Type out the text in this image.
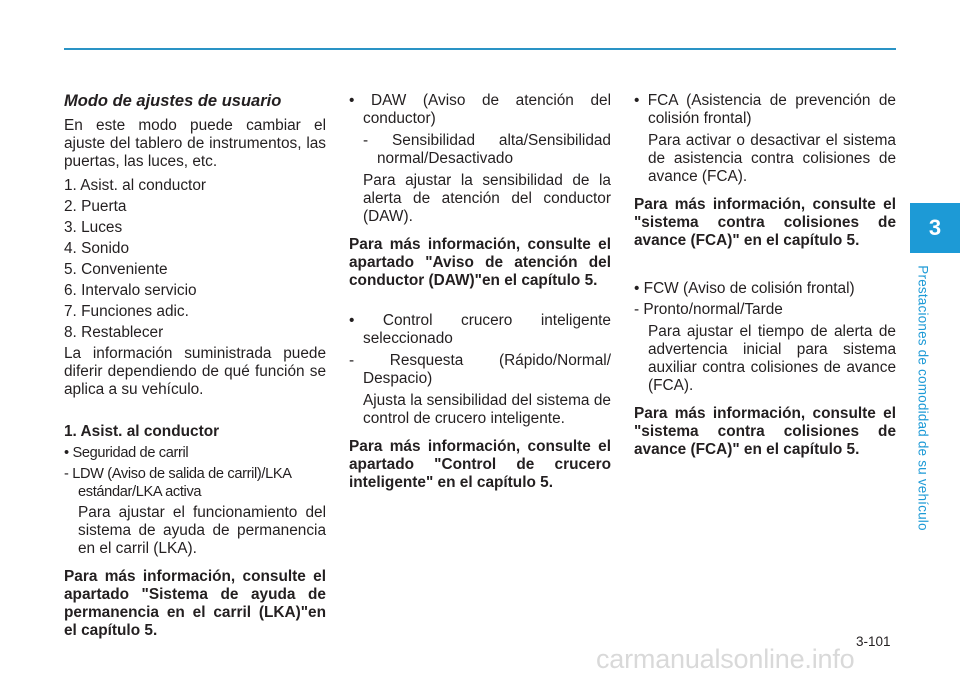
Modo de ajustes de usuario

En este modo puede cambiar el ajuste del tablero de instrumentos, las puertas, las luces, etc.

1. Asist. al conductor

2. Puerta

3. Luces

4. Sonido

5. Conveniente

6. Intervalo servicio

7. Funciones adic.

8. Restablecer

La información suministrada puede diferir dependiendo de qué función se aplica a su vehículo.

1. Asist. al conductor

• Seguridad de carril

- LDW (Aviso de salida de carril)/LKA estándar/LKA activa

Para ajustar el funcionamiento del sistema de ayuda de permanencia en el carril (LKA).

Para más información, consulte el apartado "Sistema de ayuda de permanencia en el carril (LKA)"en el capítulo 5.

• DAW (Aviso de atención del conductor)

- Sensibilidad alta/Sensibilidad normal/Desactivado

Para ajustar la sensibilidad de la alerta de atención del conductor (DAW).

Para más información, consulte el apartado "Aviso de atención del conductor (DAW)"en el capítulo 5.

• Control crucero inteligente seleccionado

- Resquesta (Rápido/Normal/ Despacio)

Ajusta la sensibilidad del sistema de control de crucero inteligente.

Para más información, consulte el apartado "Control de crucero inteligente" en el capítulo 5.

• FCA (Asistencia de prevención de colisión frontal)

Para activar o desactivar el sistema de asistencia contra colisiones de avance (FCA).

Para más información, consulte el "sistema contra colisiones de avance (FCA)" en el capítulo 5.

• FCW (Aviso de colisión frontal)

- Pronto/normal/Tarde

Para ajustar el tiempo de alerta de advertencia inicial para sistema auxiliar contra colisiones de avance (FCA).

Para más información, consulte el "sistema contra colisiones de avance (FCA)" en el capítulo 5.

3
Prestaciones de comodidad de su vehículo
3-101
carmanualsonline.info
